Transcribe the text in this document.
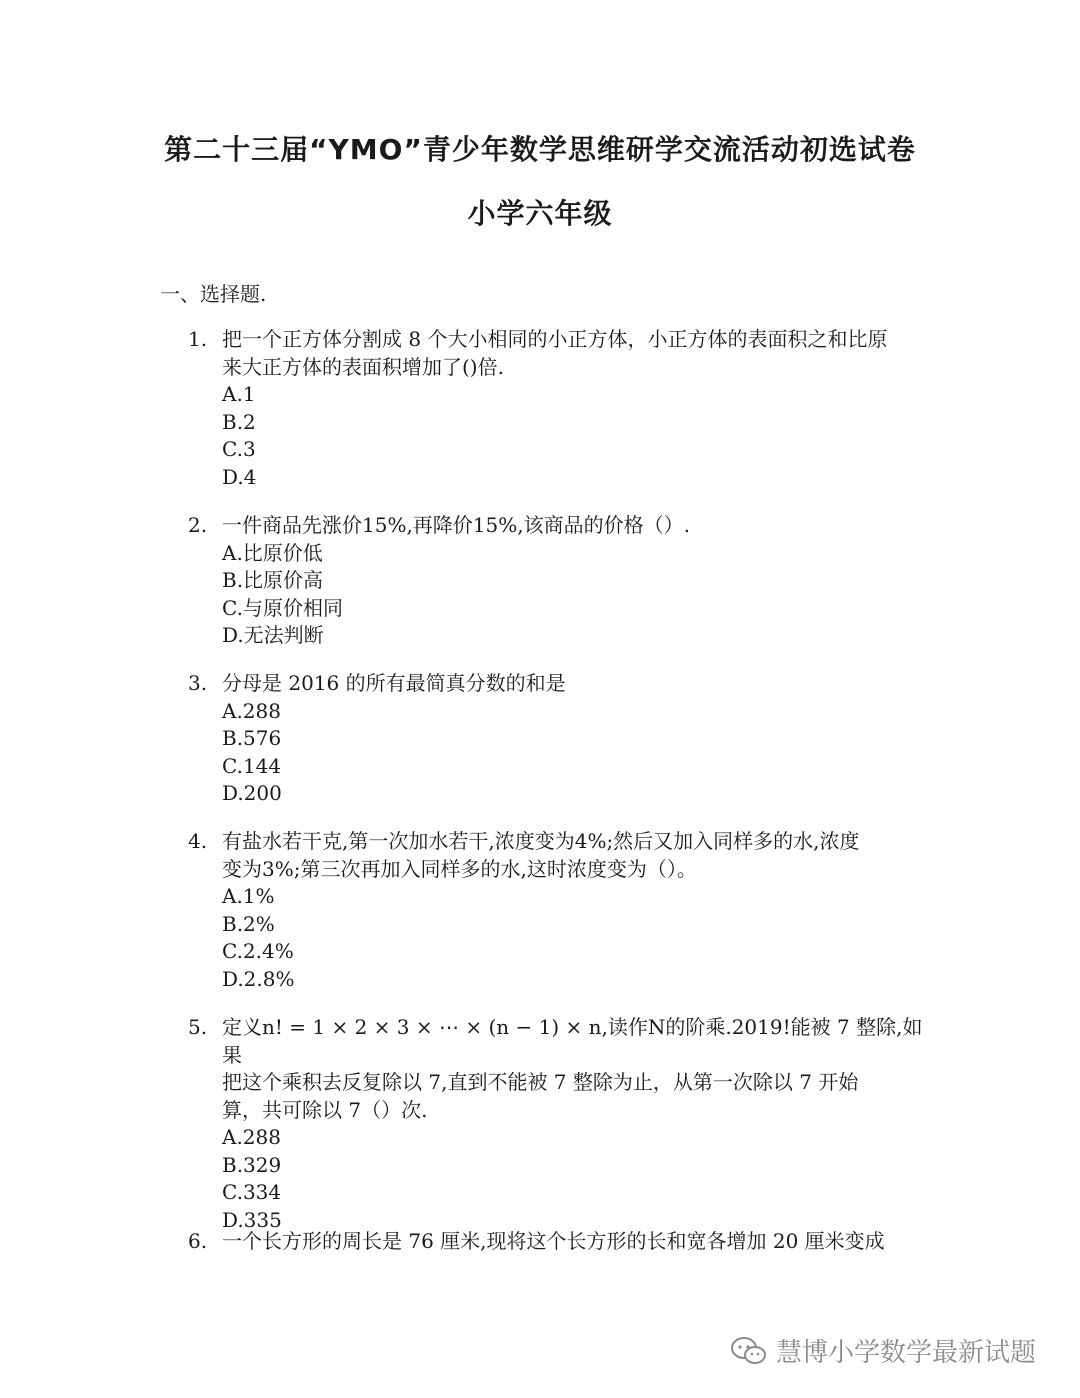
第二十三届“YMO”青少年数学思维研学交流活动初选试卷
小学六年级
一、选择题.
1. 把一个正方体分割成 8 个大小相同的小正方体，小正方体的表面积之和比原
来大正方体的表面积增加了()倍.
A.1
B.2
C.3
D.4
2. 一件商品先涨价15%,再降价15%,该商品的价格（）.
A.比原价低
B.比原价高
C.与原价相同
D.无法判断
3. 分母是 2016 的所有最简真分数的和是
A.288
B.576
C.144
D.200
4. 有盐水若干克,第一次加水若干,浓度变为4%;然后又加入同样多的水,浓度
变为3%;第三次再加入同样多的水,这时浓度变为（）。
A.1%
B.2%
C.2.4%
D.2.8%
5. 定义n! = 1 × 2 × 3 × ⋯ × (n − 1) × n,读作N的阶乘.2019!能被 7 整除,如果
把这个乘积去反复除以 7,直到不能被 7 整除为止，从第一次除以 7 开始
算，共可除以 7（）次.
A.288
B.329
C.334
D.335
6. 一个长方形的周长是 76 厘米,现将这个长方形的长和宽各增加 20 厘米变成
慧博小学数学最新试题
